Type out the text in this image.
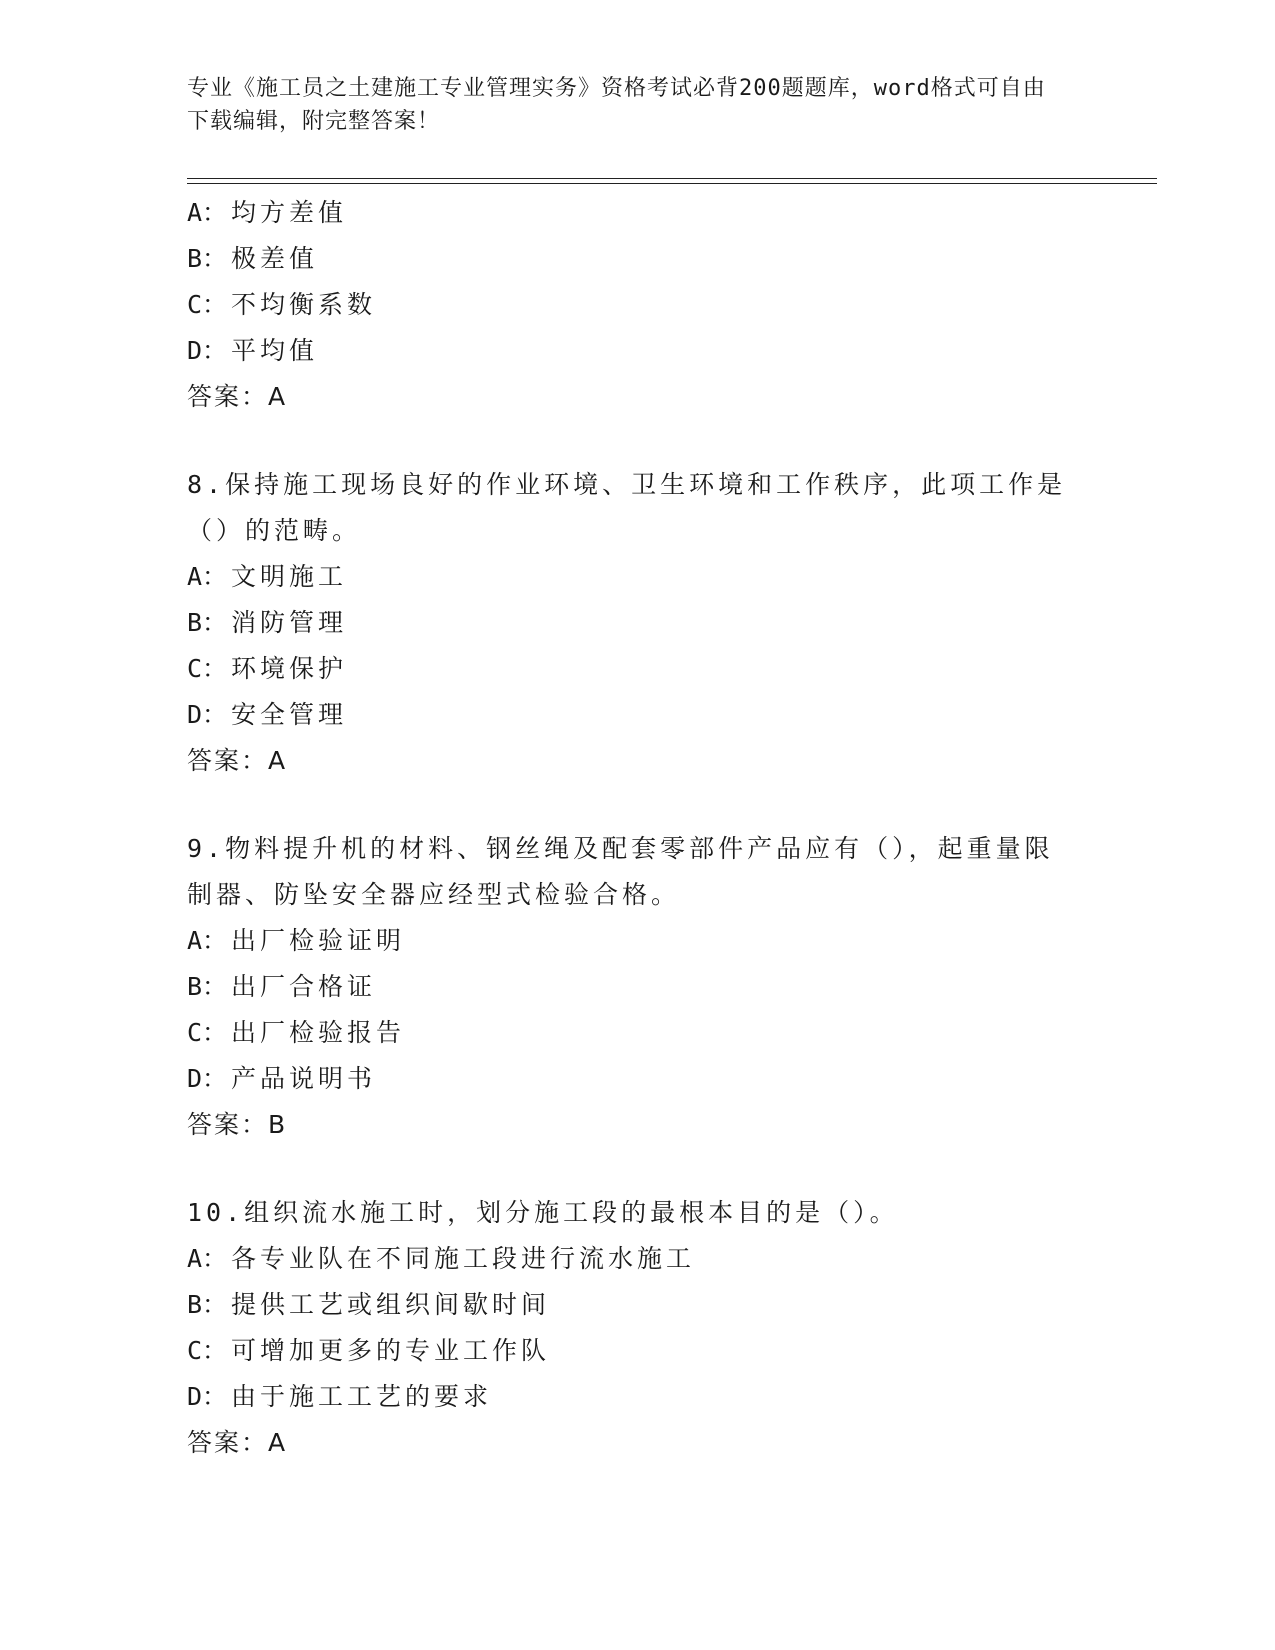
专业《施工员之土建施工专业管理实务》资格考试必背200题题库，word格式可自由下载编辑，附完整答案！
A： 均方差值
B： 极差值
C： 不均衡系数
D： 平均值
答案：A
8.保持施工现场良好的作业环境、卫生环境和工作秩序，此项工作是（）的范畴。
A： 文明施工
B： 消防管理
C： 环境保护
D： 安全管理
答案：A
9.物料提升机的材料、钢丝绳及配套零部件产品应有（），起重量限制器、防坠安全器应经型式检验合格。
A： 出厂检验证明
B： 出厂合格证
C： 出厂检验报告
D： 产品说明书
答案：B
10.组织流水施工时，划分施工段的最根本目的是（）。
A： 各专业队在不同施工段进行流水施工
B： 提供工艺或组织间歇时间
C： 可增加更多的专业工作队
D： 由于施工工艺的要求
答案：A
